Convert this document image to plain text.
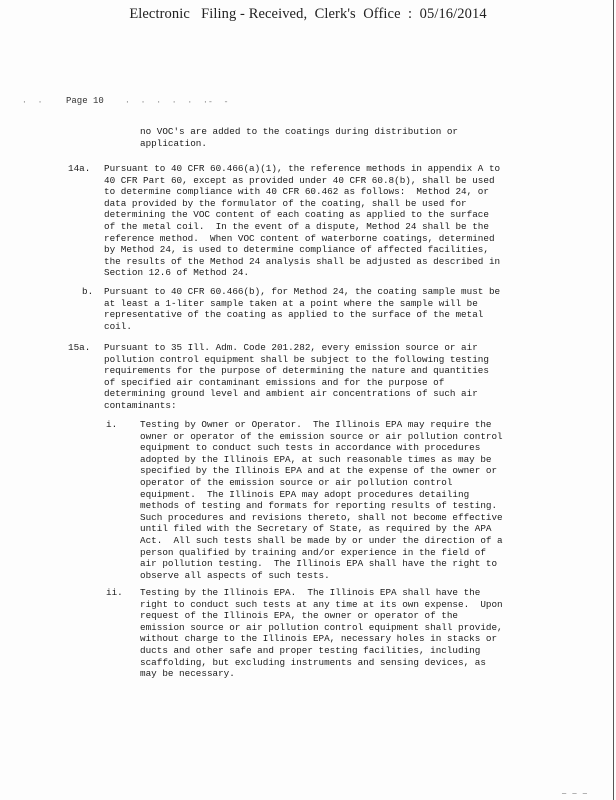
Electronic   Filing - Received,  Clerk's  Office  :  05/16/2014
· · Page 10	· · · · · ·
- -
no VOC's are added to the coatings during distribution or
application.
14a. Pursuant to 40 CFR 60.466(a)(1), the reference methods in appendix A to
40 CFR Part 60, except as provided under 40 CFR 60.8(b), shall be used
to determine compliance with 40 CFR 60.462 as follows:  Method 24, or
data provided by the formulator of the coating, shall be used for
determining the VOC content of each coating as applied to the surface
of the metal coil.  In the event of a dispute, Method 24 shall be the
reference method.  When VOC content of waterborne coatings, determined
by Method 24, is used to determine compliance of affected facilities,
the results of the Method 24 analysis shall be adjusted as described in
Section 12.6 of Method 24.
b. Pursuant to 40 CFR 60.466(b), for Method 24, the coating sample must be
at least a 1-liter sample taken at a point where the sample will be
representative of the coating as applied to the surface of the metal
coil.
15a. Pursuant to 35 Ill. Adm. Code 201.282, every emission source or air
pollution control equipment shall be subject to the following testing
requirements for the purpose of determining the nature and quantities
of specified air contaminant emissions and for the purpose of
determining ground level and ambient air concentrations of such air
contaminants:
i. Testing by Owner or Operator.  The Illinois EPA may require the
owner or operator of the emission source or air pollution control
equipment to conduct such tests in accordance with procedures
adopted by the Illinois EPA, at such reasonable times as may be
specified by the Illinois EPA and at the expense of the owner or
operator of the emission source or air pollution control
equipment.  The Illinois EPA may adopt procedures detailing
methods of testing and formats for reporting results of testing.
Such procedures and revisions thereto, shall not become effective
until filed with the Secretary of State, as required by the APA
Act.  All such tests shall be made by or under the direction of a
person qualified by training and/or experience in the field of
air pollution testing.  The Illinois EPA shall have the right to
observe all aspects of such tests.
ii. Testing by the Illinois EPA.  The Illinois EPA shall have the
right to conduct such tests at any time at its own expense.  Upon
request of the Illinois EPA, the owner or operator of the
emission source or air pollution control equipment shall provide,
without charge to the Illinois EPA, necessary holes in stacks or
ducts and other safe and proper testing facilities, including
scaffolding, but excluding instruments and sensing devices, as
may be necessary.
— — —
